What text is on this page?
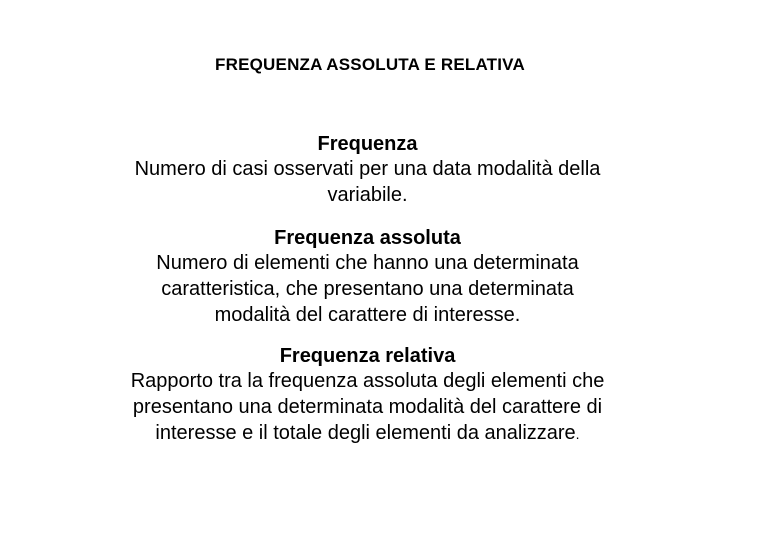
FREQUENZA ASSOLUTA E RELATIVA
Frequenza
Numero di casi osservati per una data modalità della
variabile.
Frequenza assoluta
Numero di elementi che hanno una determinata
caratteristica, che presentano una determinata
modalità del carattere di interesse.
Frequenza relativa
Rapporto tra la frequenza assoluta degli elementi che
presentano una determinata modalità del carattere di
interesse e il totale degli elementi da analizzare.
